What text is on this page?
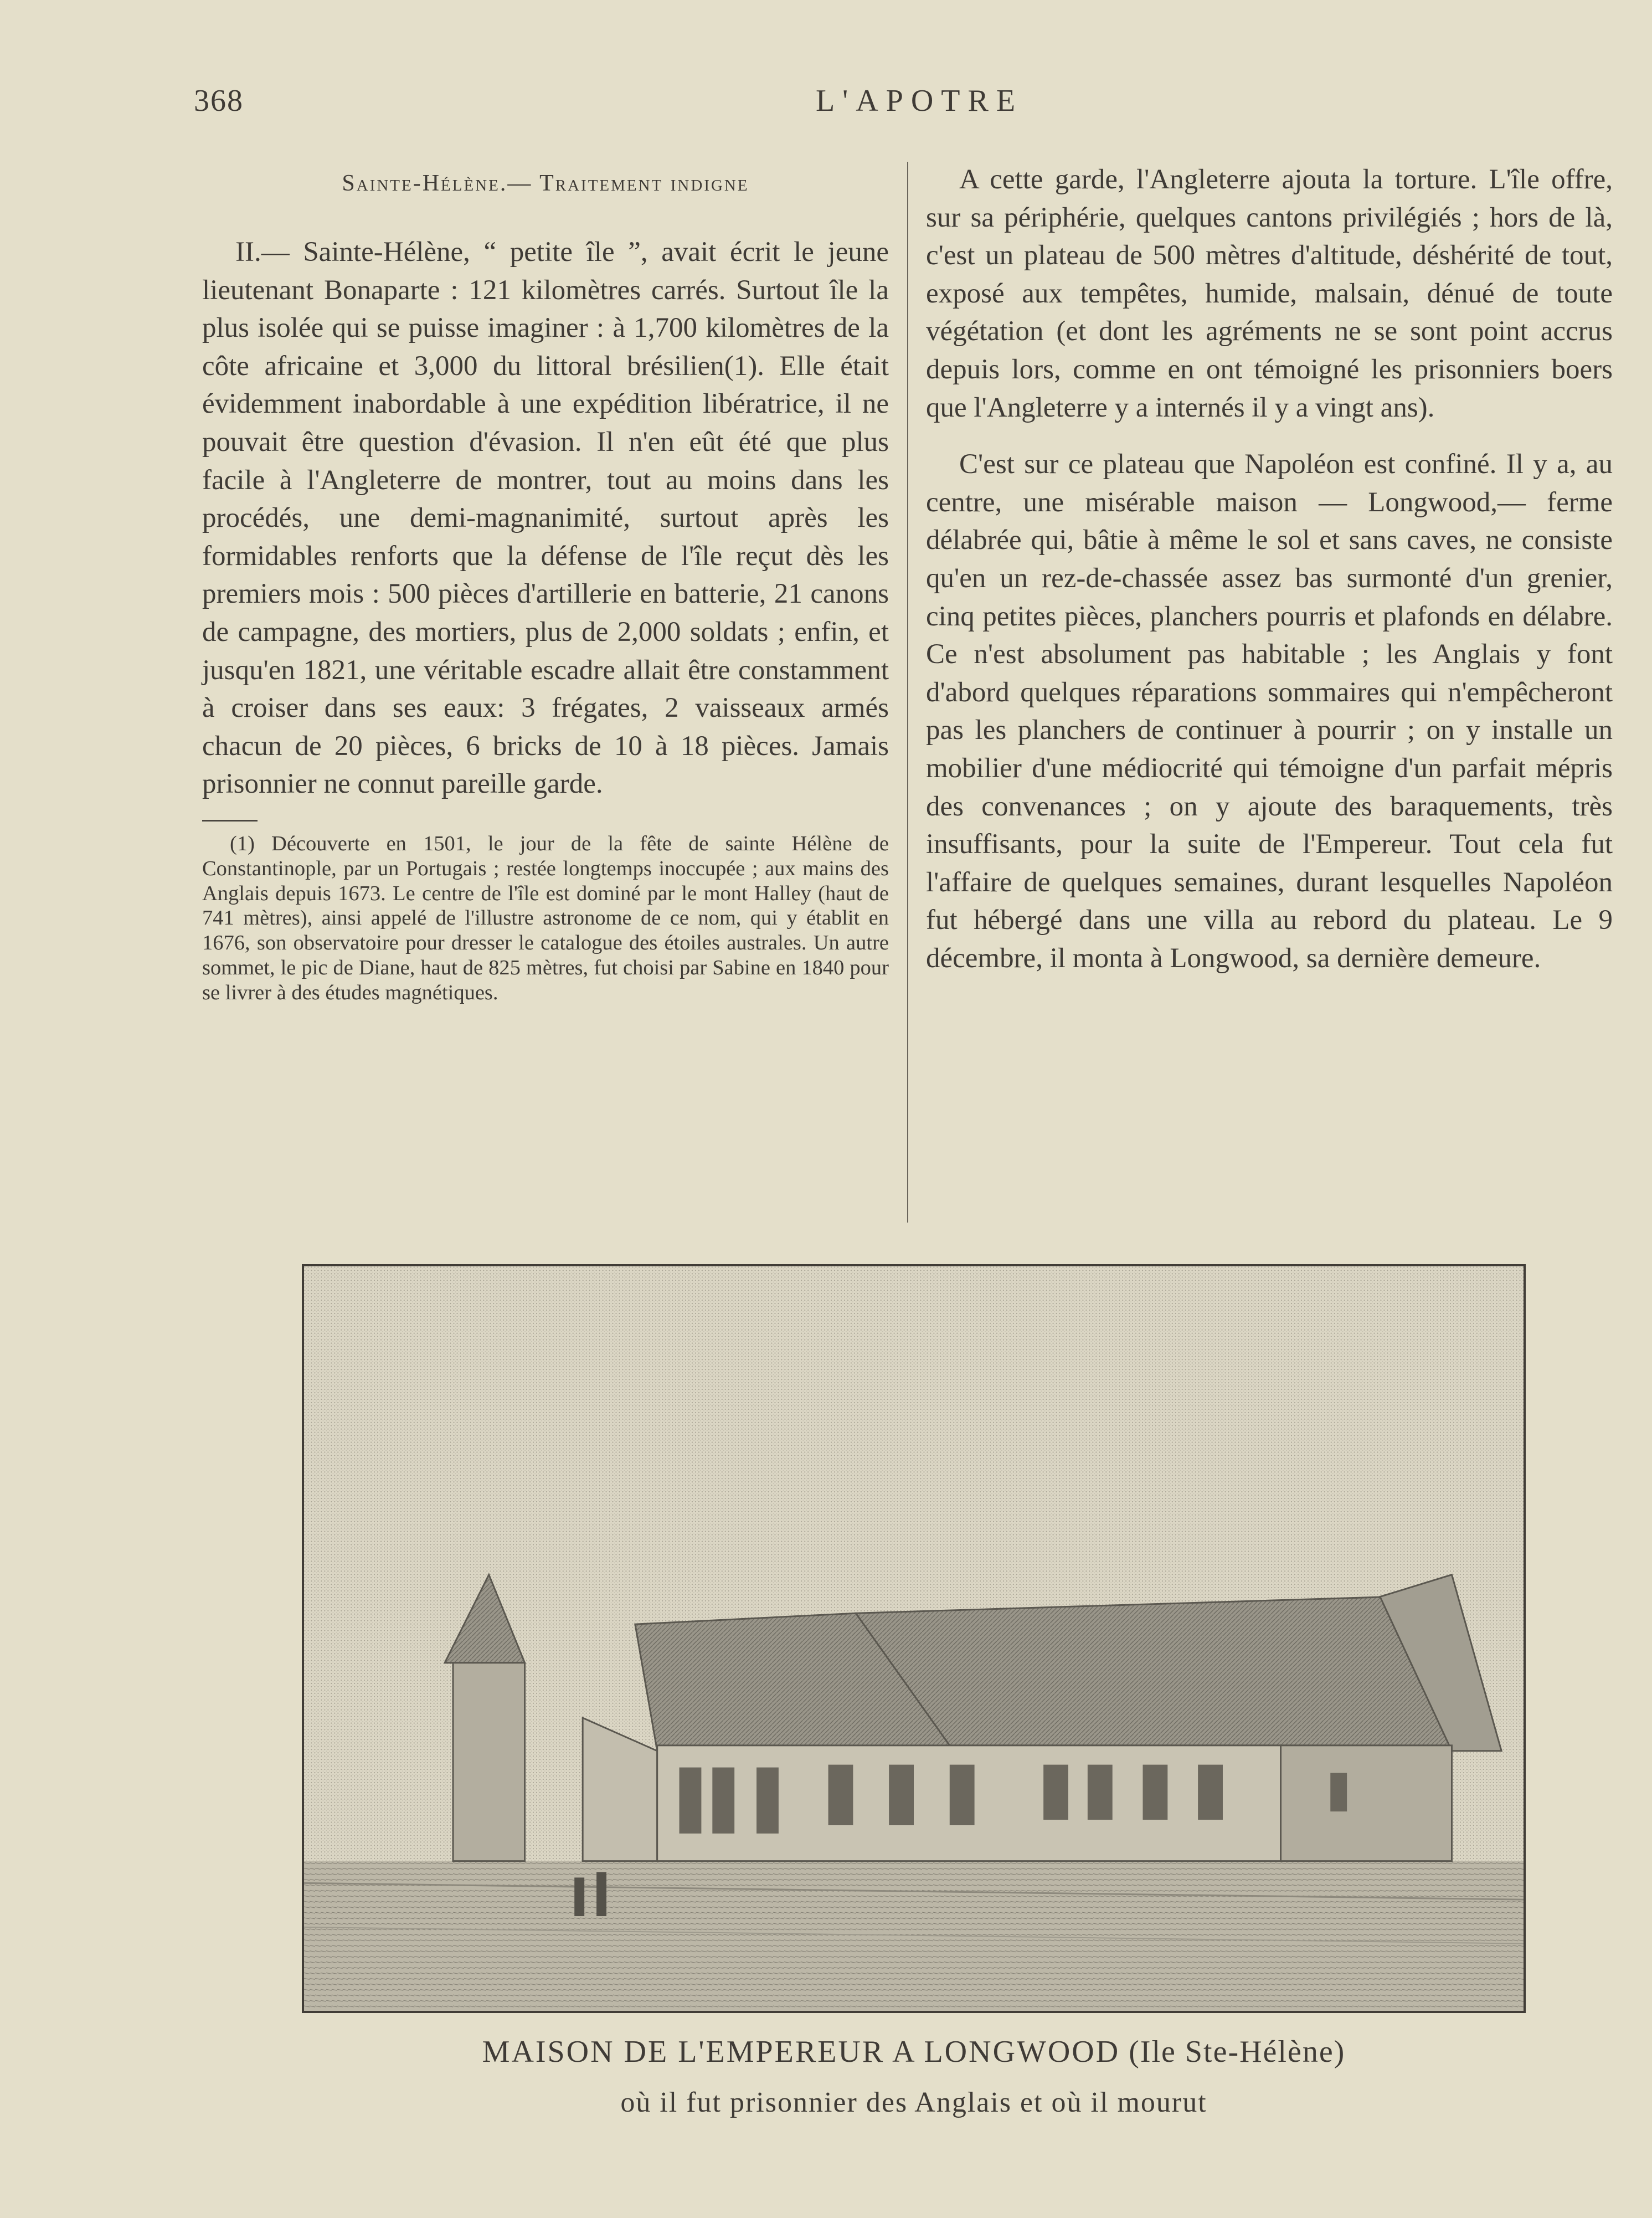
368	L'APOTRE
Sainte-Hélène.— Traitement indigne

II.— Sainte-Hélène, “ petite île ”, avait écrit le jeune lieutenant Bonaparte : 121 kilomètres carrés. Surtout île la plus isolée qui se puisse imaginer : à 1,700 kilomètres de la côte africaine et 3,000 du littoral brésilien(1). Elle était évidemment inabordable à une expédition libératrice, il ne pouvait être question d'évasion. Il n'en eût été que plus facile à l'Angleterre de montrer, tout au moins dans les procédés, une demi-magnanimité, surtout après les formidables renforts que la défense de l'île reçut dès les premiers mois : 500 pièces d'artillerie en batterie, 21 canons de campagne, des mortiers, plus de 2,000 soldats ; enfin, et jusqu'en 1821, une véritable escadre allait être constamment à croiser dans ses eaux: 3 frégates, 2 vaisseaux armés chacun de 20 pièces, 6 bricks de 10 à 18 pièces. Jamais prisonnier ne connut pareille garde.

(1) Découverte en 1501, le jour de la fête de sainte Hélène de Constantinople, par un Portugais ; restée longtemps inoccupée ; aux mains des Anglais depuis 1673. Le centre de l'île est dominé par le mont Halley (haut de 741 mètres), ainsi appelé de l'illustre astronome de ce nom, qui y établit en 1676, son observatoire pour dresser le catalogue des étoiles australes. Un autre sommet, le pic de Diane, haut de 825 mètres, fut choisi par Sabine en 1840 pour se livrer à des études magnétiques.

A cette garde, l'Angleterre ajouta la torture. L'île offre, sur sa périphérie, quelques cantons privilégiés ; hors de là, c'est un plateau de 500 mètres d'altitude, déshérité de tout, exposé aux tempêtes, humide, malsain, dénué de toute végétation (et dont les agréments ne se sont point accrus depuis lors, comme en ont témoigné les prisonniers boers que l'Angleterre y a internés il y a vingt ans).

C'est sur ce plateau que Napoléon est confiné. Il y a, au centre, une misérable maison — Longwood,— ferme délabrée qui, bâtie à même le sol et sans caves, ne consiste qu'en un rez-de-chassée assez bas surmonté d'un grenier, cinq petites pièces, planchers pourris et plafonds en délabre. Ce n'est absolument pas habitable ; les Anglais y font d'abord quelques réparations sommaires qui n'empêcheront pas les planchers de continuer à pourrir ; on y installe un mobilier d'une médiocrité qui témoigne d'un parfait mépris des convenances ; on y ajoute des baraquements, très insuffisants, pour la suite de l'Empereur. Tout cela fut l'affaire de quelques semaines, durant lesquelles Napoléon fut hébergé dans une villa au rebord du plateau. Le 9 décembre, il monta à Longwood, sa dernière demeure.

MAISON DE L'EMPEREUR A LONGWOOD (Ile Ste-Hélène)
où il fut prisonnier des Anglais et où il mourut
